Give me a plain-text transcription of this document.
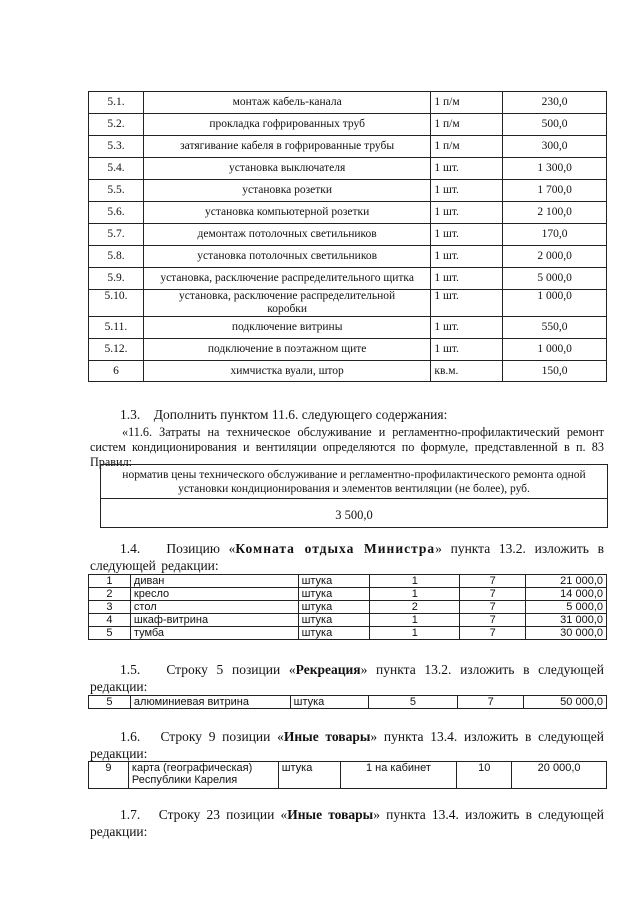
5.1.	монтаж кабель-канала	1 п/м	230,0
5.2.	прокладка гофрированных труб	1 п/м	500,0
5.3.	затягивание кабеля в гофрированные трубы	1 п/м	300,0
5.4.	установка выключателя	1 шт.	1 300,0
5.5.	установка розетки	1 шт.	1 700,0
5.6.	установка компьютерной розетки	1 шт.	2 100,0
5.7.	демонтаж потолочных светильников	1 шт.	170,0
5.8.	установка потолочных светильников	1 шт.	2 000,0
5.9.	установка, расключение распределительного щитка	1 шт.	5 000,0
5.10.	установка, расключение распределительной коробки	1 шт.	1 000,0
5.11.	подключение витрины	1 шт.	550,0
5.12.	подключение в поэтажном щите	1 шт.	1 000,0
6	химчистка вуали, штор	кв.м.	150,0
1.3. Дополнить пунктом 11.6. следующего содержания:
«11.6. Затраты на техническое обслуживание и регламентно-профилактический ремонт систем кондиционирования и вентиляции определяются по формуле, представленной в п. 83 Правил:
норматив цены технического обслуживание и регламентно-профилактического ремонта одной установки кондиционирования и элементов вентиляции (не более), руб.
3 500,0
1.4. Позицию «Комната отдыха Министра» пункта 13.2. изложить в следующей редакции:
1	диван	штука	1	7	21 000,0
2	кресло	штука	1	7	14 000,0
3	стол	штука	2	7	5 000,0
4	шкаф-витрина	штука	1	7	31 000,0
5	тумба	штука	1	7	30 000,0
1.5. Строку 5 позиции «Рекреация» пункта 13.2. изложить в следующей редакции:
5	алюминиевая витрина	штука	5	7	50 000,0
1.6. Строку 9 позиции «Иные товары» пункта 13.4. изложить в следующей редакции:
9	карта (географическая) Республики Карелия	штука	1 на кабинет	10	20 000,0
1.7. Строку 23 позиции «Иные товары» пункта 13.4. изложить в следующей редакции:
